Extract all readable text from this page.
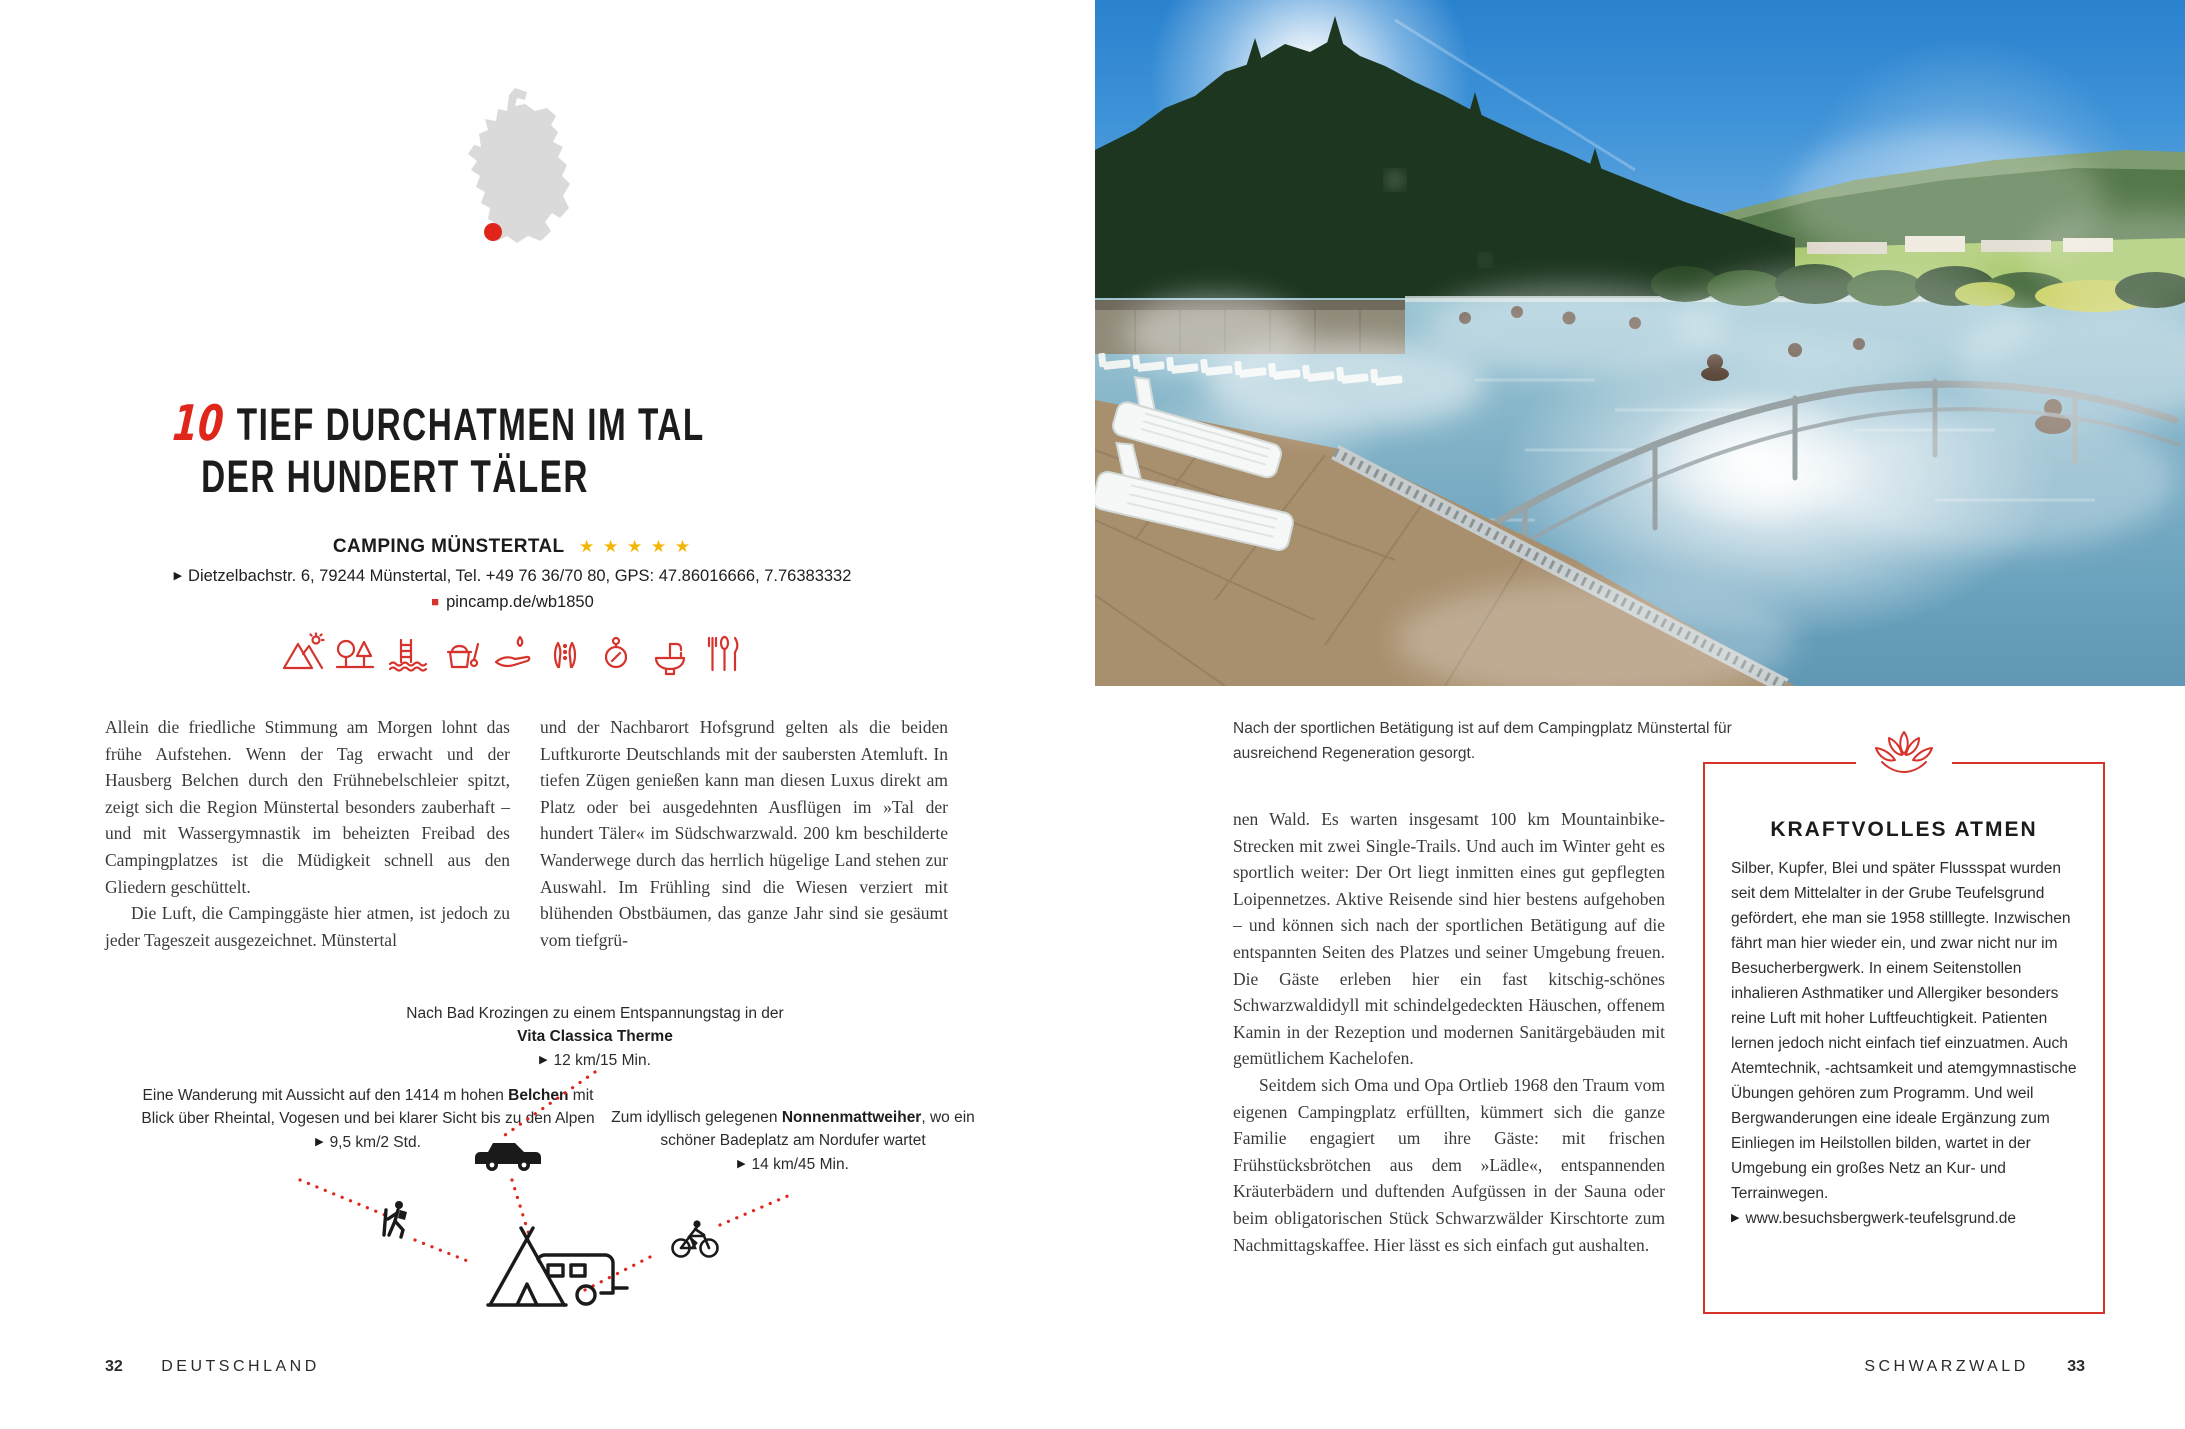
10 TIEF DURCHATMEN IM TAL
DER HUNDERT TÄLER
CAMPING MÜNSTERTAL ★ ★ ★ ★ ★
▶ Dietzelbachstr. 6, 79244 Münstertal, Tel. +49 76 36/70 80, GPS: 47.86016666, 7.76383332
■ pincamp.de/wb1850

Allein die friedliche Stimmung am Morgen lohnt das frühe Aufstehen. Wenn der Tag erwacht und der Hausberg Belchen durch den Frühnebelschleier spitzt, zeigt sich die Region Münstertal besonders zauberhaft – und mit Wassergymnastik im beheizten Freibad des Campingplatzes ist die Müdigkeit schnell aus den Gliedern geschüttelt.

Die Luft, die Campinggäste hier atmen, ist jedoch zu jeder Tageszeit ausgezeichnet. Münstertal

und der Nachbarort Hofsgrund gelten als die beiden Luftkurorte Deutschlands mit der saubersten Atemluft. In tiefen Zügen genießen kann man diesen Luxus direkt am Platz oder bei ausgedehnten Ausflügen im »Tal der hundert Täler« im Südschwarzwald. 200 km beschilderte Wanderwege durch das herrlich hügelige Land stehen zur Auswahl. Im Frühling sind die Wiesen verziert mit blühenden Obstbäumen, das ganze Jahr sind sie gesäumt vom tiefgrü-

Nach Bad Krozingen zu einem Entspannungstag in der Vita Classica Therme
▶ 12 km/15 Min.
Eine Wanderung mit Aussicht auf den 1414 m hohen Belchen mit Blick über Rheintal, Vogesen und bei klarer Sicht bis zu den Alpen
▶ 9,5 km/2 Std.
Zum idyllisch gelegenen Nonnenmattweiher, wo ein schöner Badeplatz am Nordufer wartet
▶ 14 km/45 Min.
32 DEUTSCHLAND
Nach der sportlichen Betätigung ist auf dem Campingplatz Münstertal für ausreichend Regeneration gesorgt.

nen Wald. Es warten insgesamt 100 km Mountainbike-Strecken mit zwei Single-Trails. Und auch im Winter geht es sportlich weiter: Der Ort liegt inmitten eines gut gepflegten Loipennetzes. Aktive Reisende sind hier bestens aufgehoben – und können sich nach der sportlichen Betätigung auf die entspannten Seiten des Platzes und seiner Umgebung freuen. Die Gäste erleben hier ein fast kitschig-schönes Schwarzwaldidyll mit schindelgedeckten Häuschen, offenem Kamin in der Rezeption und modernen Sanitärgebäuden mit gemütlichem Kachelofen.

Seitdem sich Oma und Opa Ortlieb 1968 den Traum vom eigenen Campingplatz erfüllten, kümmert sich die ganze Familie engagiert um ihre Gäste: mit frischen Frühstücksbrötchen aus dem »Lädle«, entspannenden Kräuterbädern und duftenden Aufgüssen in der Sauna oder beim obligatorischen Stück Schwarzwälder Kirschtorte zum Nachmittagskaffee. Hier lässt es sich einfach gut aushalten.

KRAFTVOLLES ATMEN
Silber, Kupfer, Blei und später Flussspat wurden seit dem Mittelalter in der Grube Teufelsgrund gefördert, ehe man sie 1958 stilllegte. Inzwischen fährt man hier wieder ein, und zwar nicht nur im Besucherbergwerk. In einem Seitenstollen inhalieren Asthmatiker und Allergiker besonders reine Luft mit hoher Luftfeuchtigkeit. Patienten lernen jedoch nicht einfach tief einzuatmen. Auch Atemtechnik, -achtsamkeit und atemgymnastische Übungen gehören zum Programm. Und weil Bergwanderungen eine ideale Ergänzung zum Einliegen im Heilstollen bilden, wartet in der Umgebung ein großes Netz an Kur- und Terrainwegen.
▶ www.besuchsbergwerk-teufelsgrund.de
SCHWARZWALD 33
